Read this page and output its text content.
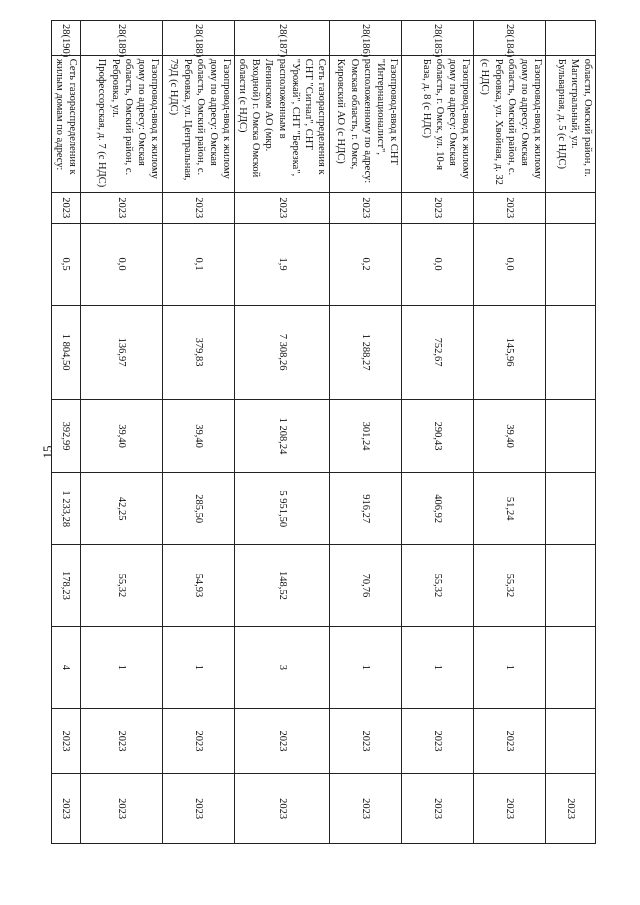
15
	области, Омский район, п. Магистральный, ул. Бульварная, д. 5 (с НДС)									2023
28(184)	Газопровод-ввод к жилому дому по адресу: Омская область, Омский район, с. Ребровка, ул. Хвойная, д. 32 (с НДС)	2023	0,0	145,96	39,40	51,24	55,32	1	2023	2023
28(185)	Газопровод-ввод к жилому дому по адресу: Омская область, г. Омск, ул. 10-я База, д. 8 (с НДС)	2023	0,0	752,67	290,43	406,92	55,32	1	2023	2023
28(186)	Газопровод-ввод к СНТ "Интернационалист", расположенному по адресу: Омская область, г. Омск, Кировский АО (с НДС)	2023	0,2	1 288,27	301,24	916,27	70,76	1	2023	2023
28(187)	Сеть газораспределения к СНТ "Сигнал", СНТ "Урожай", СНТ "Березка", расположенным в Ленинском АО (мкр. Входной) г. Омска Омской области (с НДС)	2023	1,9	7 308,26	1 208,24	5 951,50	148,52	3	2023	2023
28(188)	Газопровод-ввод к жилому дому по адресу: Омская область, Омский район, с. Ребровка, ул. Центральная, 79Д (с НДС)	2023	0,1	379,83	39,40	285,50	54,93	1	2023	2023
28(189)	Газопровод-ввод к жилому дому по адресу: Омская область, Омский район, с. Ребровка, ул. Профессорская, д. 7 (с НДС)	2023	0,0	136,97	39,40	42,25	55,32	1	2023	2023
28(190)	Сеть газораспределения к жилым домам по адресу:	2023	0,5	1 804,50	392,99	1 233,28	178,23	4	2023	2023
